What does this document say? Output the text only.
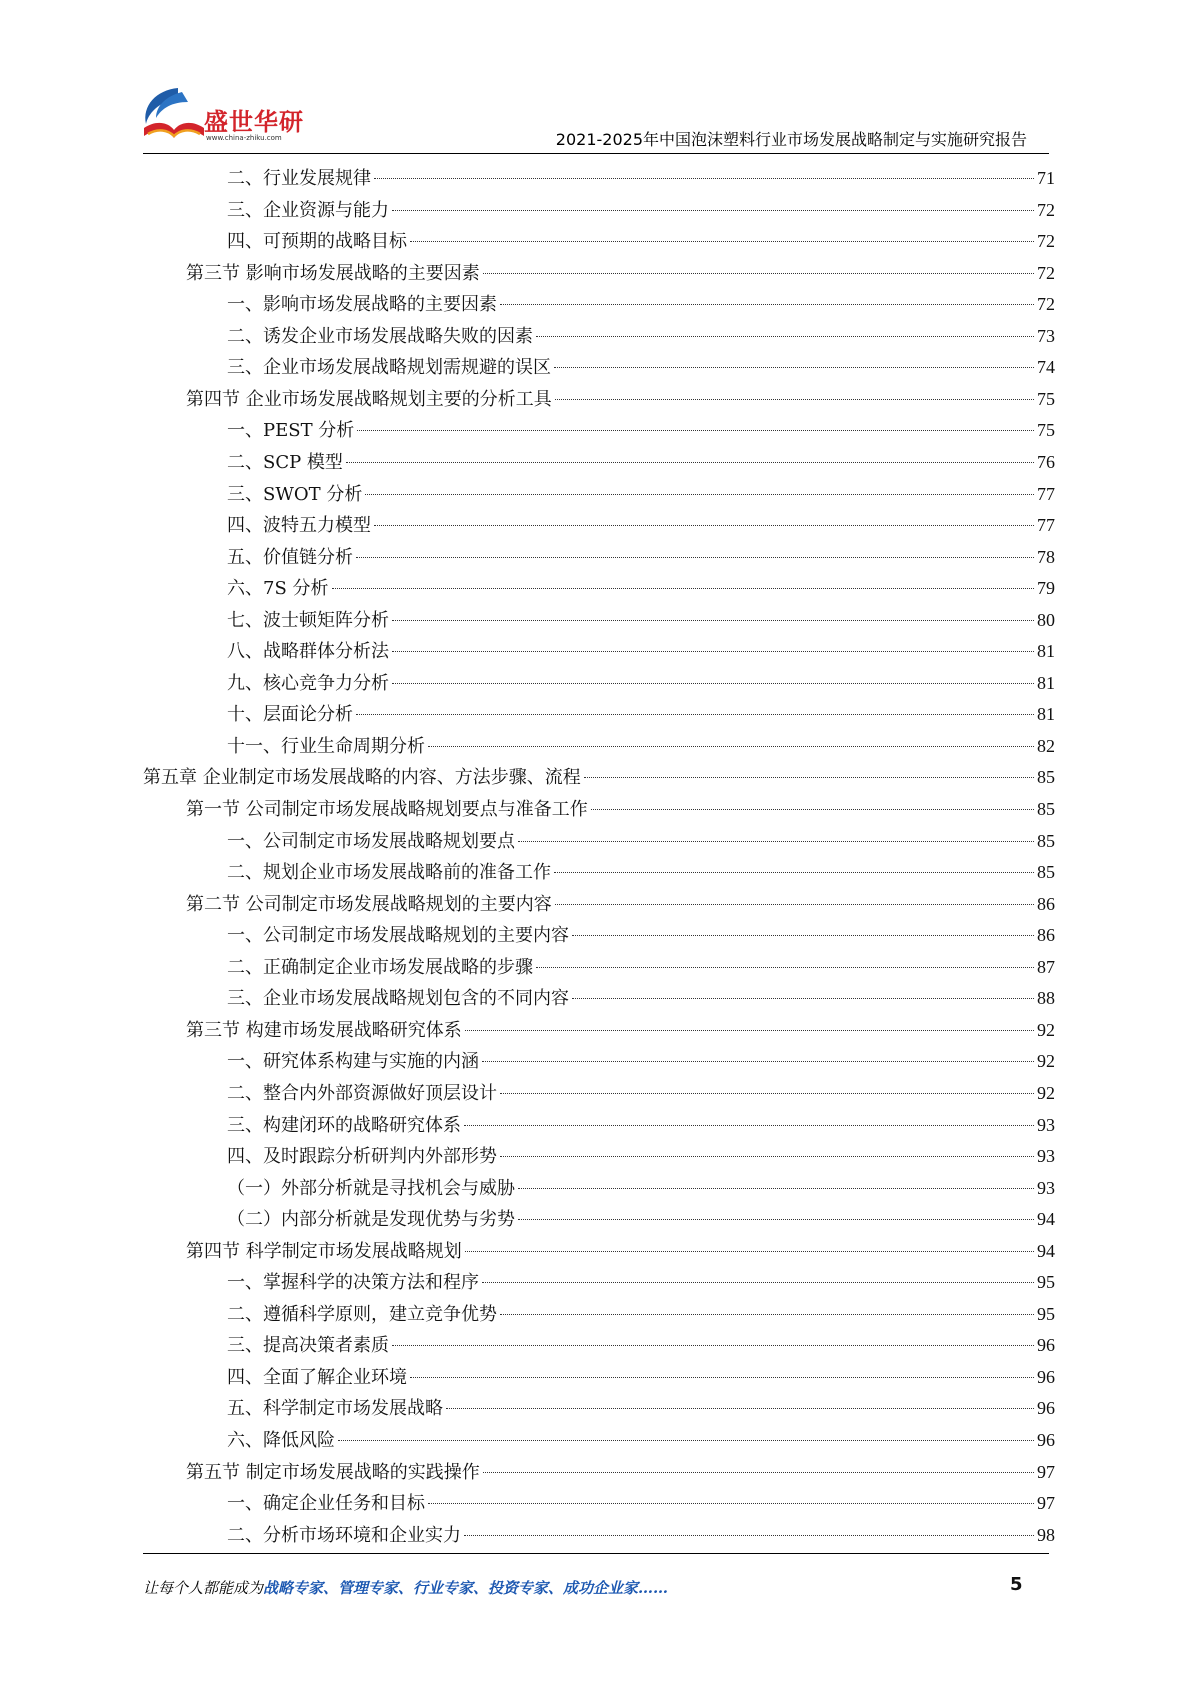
盛世华研
www.china-zhiku.com	2021-2025年中国泡沫塑料行业市场发展战略制定与实施研究报告
二、行业发展规律	71
三、企业资源与能力	72
四、可预期的战略目标	72
第三节 影响市场发展战略的主要因素	72
一、影响市场发展战略的主要因素	72
二、诱发企业市场发展战略失败的因素	73
三、企业市场发展战略规划需规避的误区	74
第四节 企业市场发展战略规划主要的分析工具	75
一、PEST 分析	75
二、SCP 模型	76
三、SWOT 分析	77
四、波特五力模型	77
五、价值链分析	78
六、7S 分析	79
七、波士顿矩阵分析	80
八、战略群体分析法	81
九、核心竞争力分析	81
十、层面论分析	81
十一、行业生命周期分析	82
第五章 企业制定市场发展战略的内容、方法步骤、流程	85
第一节 公司制定市场发展战略规划要点与准备工作	85
一、公司制定市场发展战略规划要点	85
二、规划企业市场发展战略前的准备工作	85
第二节 公司制定市场发展战略规划的主要内容	86
一、公司制定市场发展战略规划的主要内容	86
二、正确制定企业市场发展战略的步骤	87
三、企业市场发展战略规划包含的不同内容	88
第三节 构建市场发展战略研究体系	92
一、研究体系构建与实施的内涵	92
二、整合内外部资源做好顶层设计	92
三、构建闭环的战略研究体系	93
四、及时跟踪分析研判内外部形势	93
（一）外部分析就是寻找机会与威胁	93
（二）内部分析就是发现优势与劣势	94
第四节 科学制定市场发展战略规划	94
一、掌握科学的决策方法和程序	95
二、遵循科学原则，建立竞争优势	95
三、提高决策者素质	96
四、全面了解企业环境	96
五、科学制定市场发展战略	96
六、降低风险	96
第五节 制定市场发展战略的实践操作	97
一、确定企业任务和目标	97
二、分析市场环境和企业实力	98
让每个人都能成为战略专家、管理专家、行业专家、投资专家、成功企业家……	5
